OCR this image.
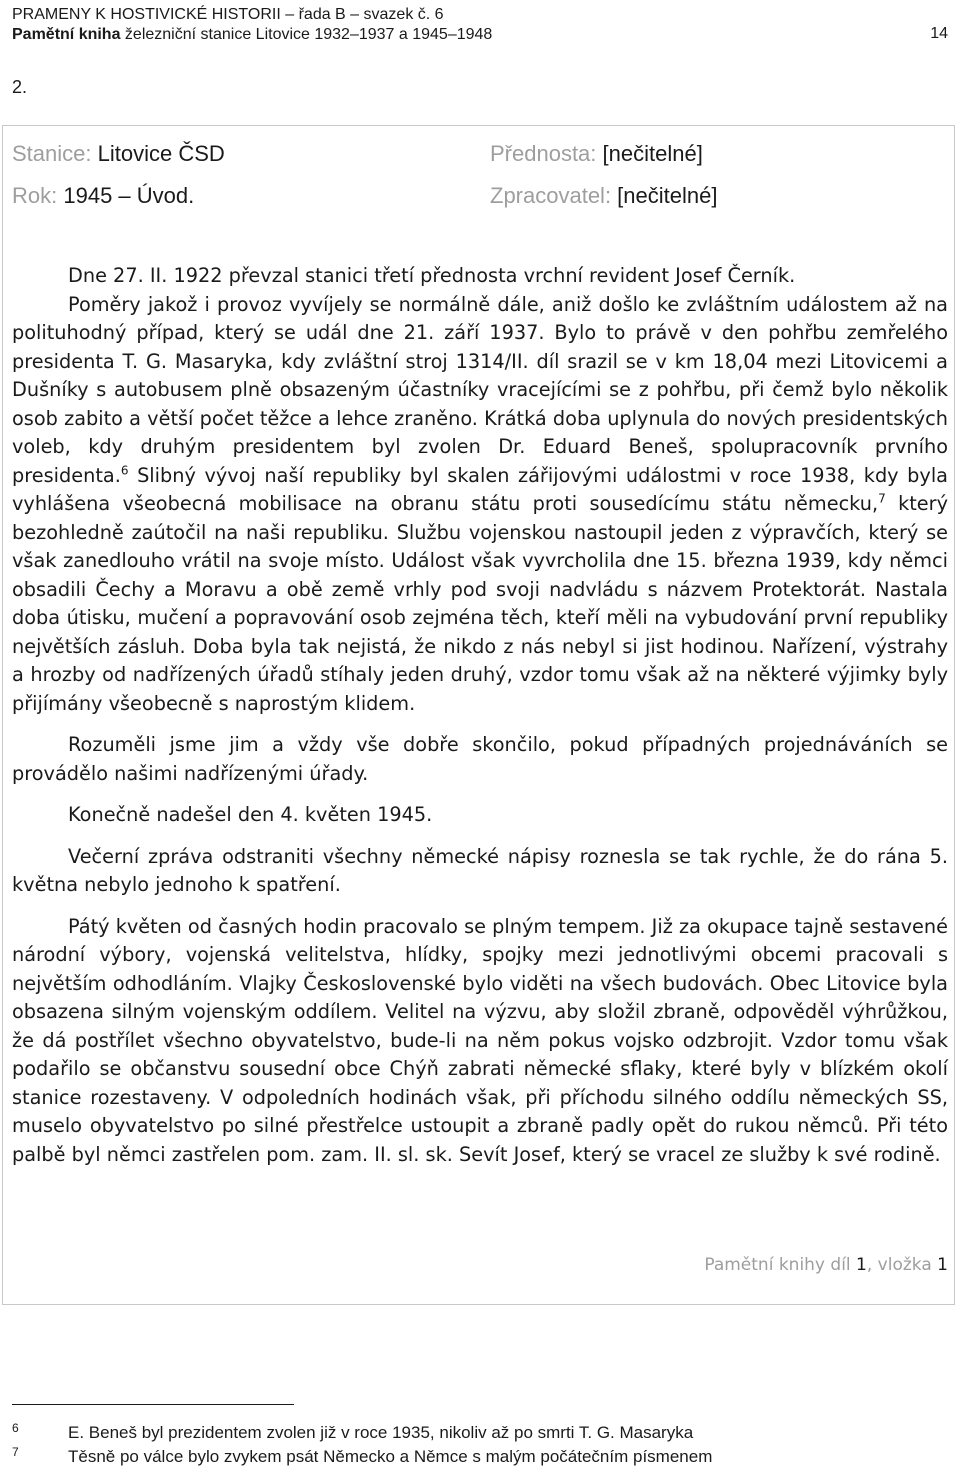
PRAMENY K HOSTIVICKÉ HISTORII – řada B – svazek č. 6
Pamětní kniha železniční stanice Litovice 1932–1937 a 1945–1948	14
2.
Stanice: Litovice ČSD
Rok: 1945 – Úvod.
Přednosta: [nečitelné]
Zpracovatel: [nečitelné]

Dne 27. II. 1922 převzal stanici třetí přednosta vrchní revident Josef Černík.

Poměry jakož i provoz vyvíjely se normálně dále, aniž došlo ke zvláštním událostem až na polituhodný případ, který se udál dne 21. září 1937. Bylo to právě v den pohřbu zemřelého presidenta T. G. Masaryka, kdy zvláštní stroj 1314/II. díl srazil se v km 18,04 mezi Litovicemi a Dušníky s autobusem plně obsazeným účastníky vracejícími se z pohřbu, při čemž bylo několik osob zabito a větší počet těžce a lehce zraněno. Krátká doba uplynula do nových presidentských voleb, kdy druhým presidentem byl zvolen Dr. Eduard Beneš, spolupracovník prvního presidenta.$^6$ Slibný vývoj naší republiky byl skalen zářijovými událostmi v roce 1938, kdy byla vyhlášena všeobecná mobilisace na obranu státu proti sousedícímu státu německu,$^7$ který bezohledně zaútočil na naši republiku. Službu vojenskou nastoupil jeden z výpravčích, který se však zanedlouho vrátil na svoje místo. Událost však vyvrcholila dne 15. března 1939, kdy němci obsadili Čechy a Moravu a obě země vrhly pod svoji nadvládu s názvem Protektorát. Nastala doba útisku, mučení a popravování osob zejména těch, kteří měli na vybudování první republiky největších zásluh. Doba byla tak nejistá, že nikdo z nás nebyl si jist hodinou. Nařízení, výstrahy a hrozby od nadřízených úřadů stíhaly jeden druhý, vzdor tomu však až na některé výjimky byly přijímány všeobecně s naprostým klidem.

Rozuměli jsme jim a vždy vše dobře skončilo, pokud případných projednáváních se provádělo našimi nadřízenými úřady.

Konečně nadešel den 4. květen 1945.

Večerní zpráva odstraniti všechny německé nápisy roznesla se tak rychle, že do rána 5. května nebylo jednoho k spatření.

Pátý květen od časných hodin pracovalo se plným tempem. Již za okupace tajně sestavené národní výbory, vojenská velitelstva, hlídky, spojky mezi jednotlivými obcemi pracovali s největším odhodláním. Vlajky Československé bylo viděti na všech budovách. Obec Litovice byla obsazena silným vojenským oddílem. Velitel na výzvu, aby složil zbraně, odpověděl výhrůžkou, že dá postřílet všechno obyvatelstvo, bude-li na něm pokus vojsko odzbrojit. Vzdor tomu však podařilo se občanstvu sousední obce Chýň zabrati německé sflaky, které byly v blízkém okolí stanice rozestaveny. V odpoledních hodinách však, při příchodu silného oddílu německých SS, muselo obyvatelstvo po silné přestřelce ustoupit a zbraně padly opět do rukou němců. Při této palbě byl němci zastřelen pom. zam. II. sl. sk. Sevít Josef, který se vracel ze služby k své rodině.

Pamětní knihy díl 1, vložka 1
6	E. Beneš byl prezidentem zvolen již v roce 1935, nikoliv až po smrti T. G. Masaryka
7	Těsně po válce bylo zvykem psát Německo a Němce s malým počátečním písmenem
